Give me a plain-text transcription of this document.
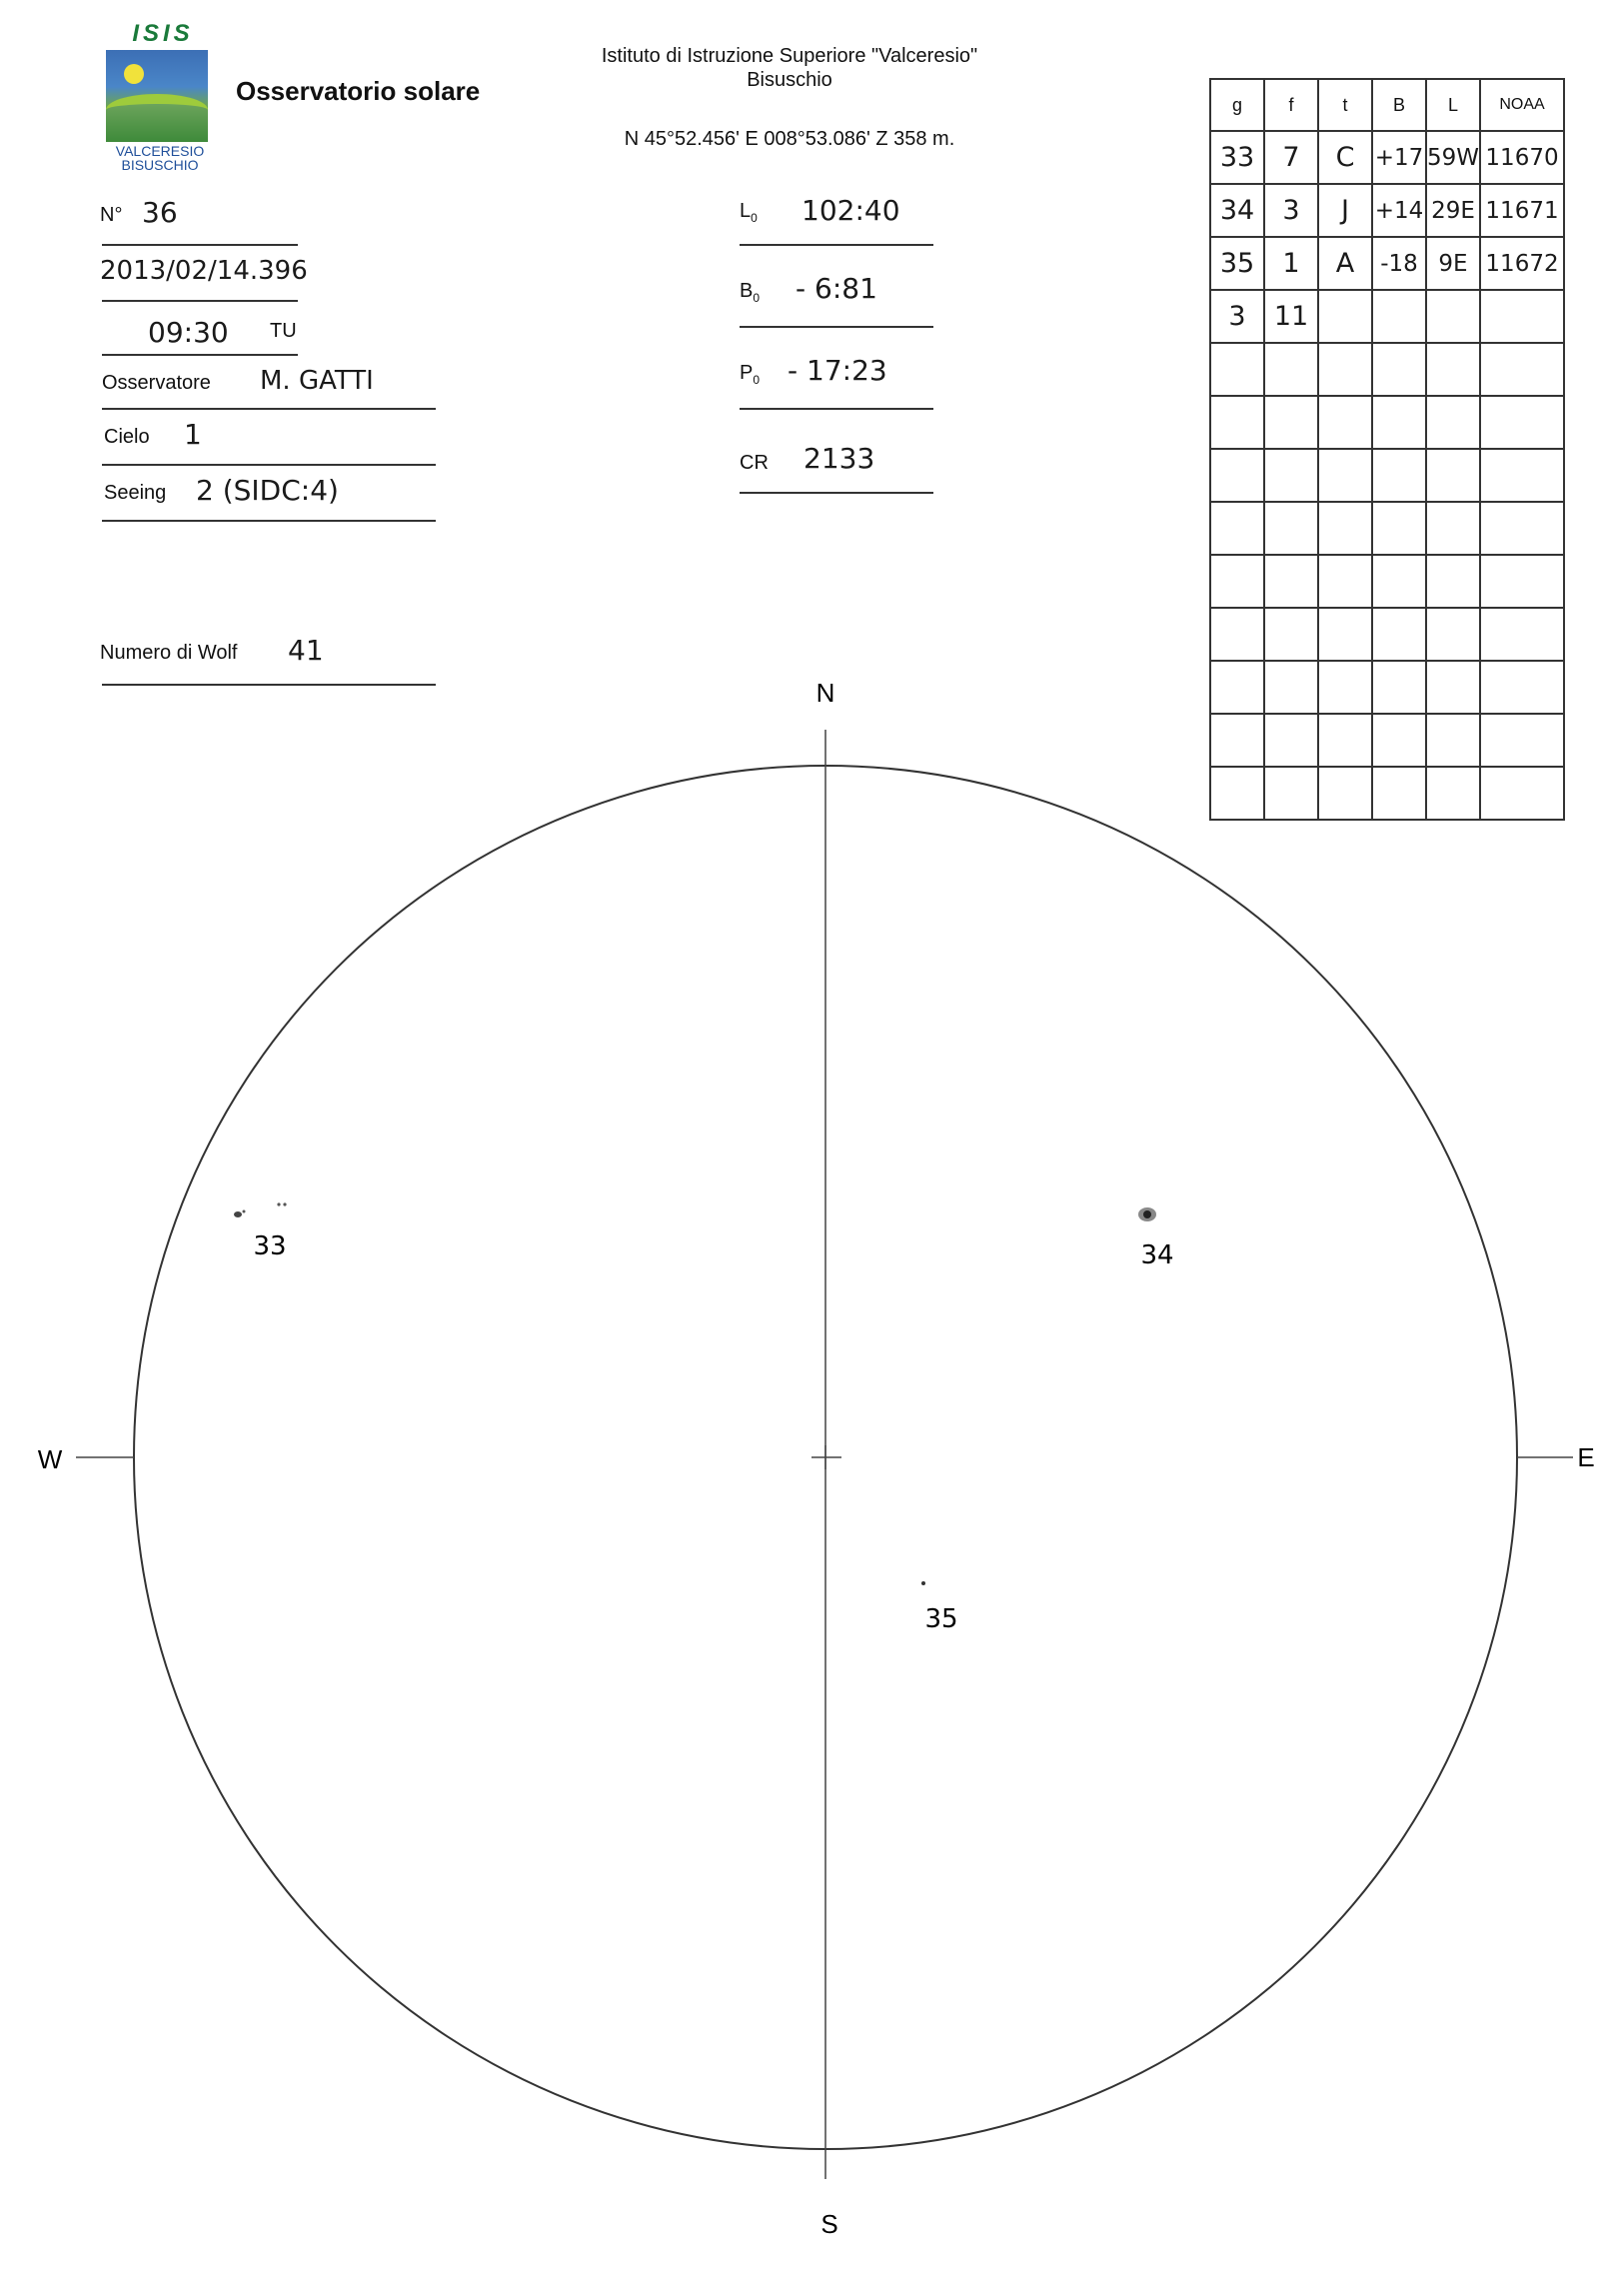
ISIS
VALCERESIO
BISUSCHIO
Osservatorio solare
Istituto di Istruzione Superiore "Valceresio"
Bisuschio
N 45°52.456' E 008°53.086' Z 358 m.
N° 36
2013/02/14.396
09:30 TU
Osservatore M. GATTI
Cielo 1
Seeing 2 (SIDC:4)
Numero di Wolf 41
$L_0$ 102:40
$B_0$ - 6:81
$P_0$ - 17:23
CR 2133
g	f	t	B	L	NOAA
33	7	C	+17	59W	11670
34	3	J	+14	29E	11671
35	1	A	-18	9E	11672
3	11				

N
S
W	E
33	34
35
